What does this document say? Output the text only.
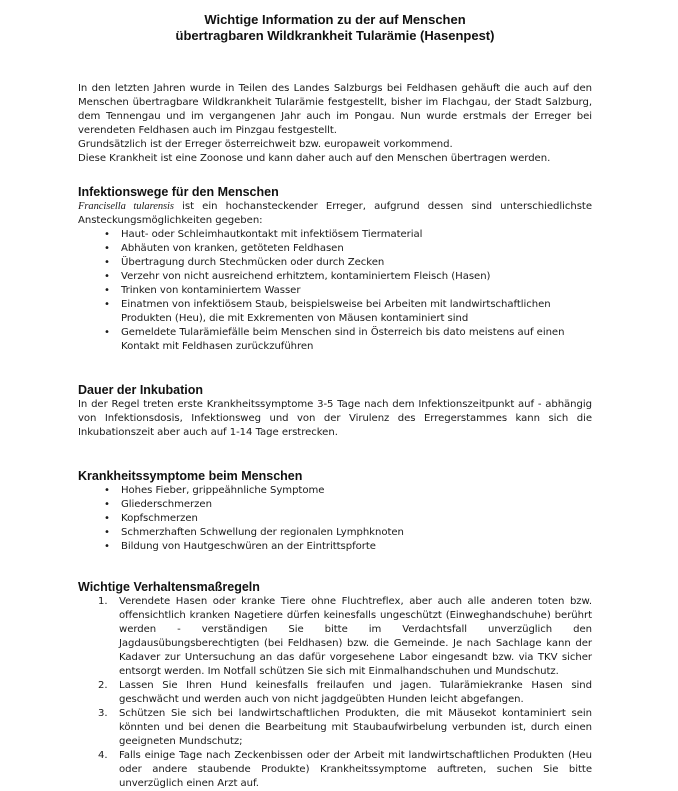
Wichtige Information zu der auf Menschen
übertragbaren Wildkrankheit Tularämie (Hasenpest)

In den letzten Jahren wurde in Teilen des Landes Salzburgs bei Feldhasen gehäuft die auch auf den Menschen übertragbare Wildkrankheit Tularämie festgestellt, bisher im Flachgau, der Stadt Salzburg, dem Tennengau und im vergangenen Jahr auch im Pongau. Nun wurde erstmals der Erreger bei verendeten Feldhasen auch im Pinzgau festgestellt.

Grundsätzlich ist der Erreger österreichweit bzw. europaweit vorkommend.

Diese Krankheit ist eine Zoonose und kann daher auch auf den Menschen übertragen werden.

Infektionswege für den Menschen

Francisella tularensis ist ein hochansteckender Erreger, aufgrund dessen sind unterschiedlichste Ansteckungsmöglichkeiten gegeben:

• Haut- oder Schleimhautkontakt mit infektiösem Tiermaterial
• Abhäuten von kranken, getöteten Feldhasen
• Übertragung durch Stechmücken oder durch Zecken
• Verzehr von nicht ausreichend erhitztem, kontaminiertem Fleisch (Hasen)
• Trinken von kontaminiertem Wasser
• Einatmen von infektiösem Staub, beispielsweise bei Arbeiten mit landwirtschaftlichen Produkten (Heu), die mit Exkrementen von Mäusen kontaminiert sind
• Gemeldete Tularämiefälle beim Menschen sind in Österreich bis dato meistens auf einen Kontakt mit Feldhasen zurückzuführen
Dauer der Inkubation

In der Regel treten erste Krankheitssymptome 3-5 Tage nach dem Infektionszeitpunkt auf - abhängig von Infektionsdosis, Infektionsweg und von der Virulenz des Erregerstammes kann sich die Inkubationszeit aber auch auf 1-14 Tage erstrecken.

Krankheitssymptome beim Menschen
• Hohes Fieber, grippeähnliche Symptome
• Gliederschmerzen
• Kopfschmerzen
• Schmerzhaften Schwellung der regionalen Lymphknoten
• Bildung von Hautgeschwüren an der Eintrittspforte
Wichtige Verhaltensmaßregeln
1. Verendete Hasen oder kranke Tiere ohne Fluchtreflex, aber auch alle anderen toten bzw. offensichtlich kranken Nagetiere dürfen keinesfalls ungeschützt (Einweghandschuhe) berührt werden - verständigen Sie bitte im Verdachtsfall unverzüglich den Jagdausübungsberechtigten (bei Feldhasen) bzw. die Gemeinde. Je nach Sachlage kann der Kadaver zur Untersuchung an das dafür vorgesehene Labor eingesandt bzw. via TKV sicher entsorgt werden. Im Notfall schützen Sie sich mit Einmalhandschuhen und Mundschutz.
2. Lassen Sie Ihren Hund keinesfalls freilaufen und jagen. Tularämiekranke Hasen sind geschwächt und werden auch von nicht jagdgeübten Hunden leicht abgefangen.
3. Schützen Sie sich bei landwirtschaftlichen Produkten, die mit Mäusekot kontaminiert sein könnten und bei denen die Bearbeitung mit Staubaufwirbelung verbunden ist, durch einen geeigneten Mundschutz;
4. Falls einige Tage nach Zeckenbissen oder der Arbeit mit landwirtschaftlichen Produkten (Heu oder andere staubende Produkte) Krankheitssymptome auftreten, suchen Sie bitte unverzüglich einen Arzt auf.
